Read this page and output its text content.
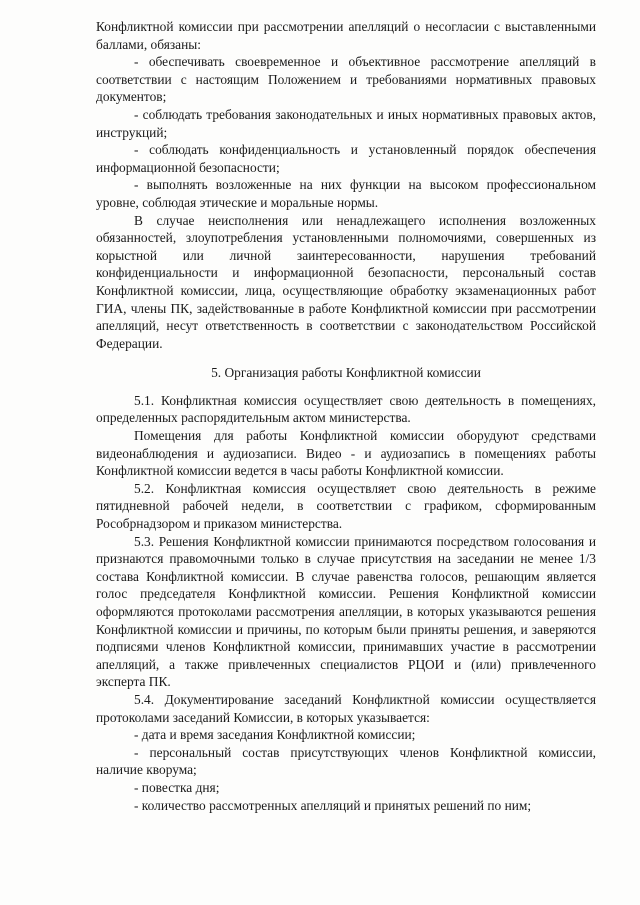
Конфликтной комиссии при рассмотрении апелляций о несогласии с выставленными баллами, обязаны:

- обеспечивать своевременное и объективное рассмотрение апелляций в соответствии с настоящим Положением и требованиями нормативных правовых документов;

- соблюдать требования законодательных и иных нормативных правовых актов, инструкций;

- соблюдать конфиденциальность и установленный порядок обеспечения информационной безопасности;

- выполнять возложенные на них функции на высоком профессиональном уровне, соблюдая этические и моральные нормы.

В случае неисполнения или ненадлежащего исполнения возложенных обязанностей, злоупотребления установленными полномочиями, совершенных из корыстной или личной заинтересованности, нарушения требований конфиденциальности и информационной безопасности, персональный состав Конфликтной комиссии, лица, осуществляющие обработку экзаменационных работ ГИА, члены ПК, задействованные в работе Конфликтной комиссии при рассмотрении апелляций, несут ответственность в соответствии с законодательством Российской Федерации.

5. Организация работы Конфликтной комиссии

5.1. Конфликтная комиссия осуществляет свою деятельность в помещениях, определенных распорядительным актом министерства.

Помещения для работы Конфликтной комиссии оборудуют средствами видеонаблюдения и аудиозаписи. Видео - и аудиозапись в помещениях работы Конфликтной комиссии ведется в часы работы Конфликтной комиссии.

5.2. Конфликтная комиссия осуществляет свою деятельность в режиме пятидневной рабочей недели, в соответствии с графиком, сформированным Рособрнадзором и приказом министерства.

5.3. Решения Конфликтной комиссии принимаются посредством голосования и признаются правомочными только в случае присутствия на заседании не менее 1/3 состава Конфликтной комиссии. В случае равенства голосов, решающим является голос председателя Конфликтной комиссии. Решения Конфликтной комиссии оформляются протоколами рассмотрения апелляции, в которых указываются решения Конфликтной комиссии и причины, по которым были приняты решения, и заверяются подписями членов Конфликтной комиссии, принимавших участие в рассмотрении апелляций, а также привлеченных специалистов РЦОИ и (или) привлеченного эксперта ПК.

5.4. Документирование заседаний Конфликтной комиссии осуществляется протоколами заседаний Комиссии, в которых указывается:

- дата и время заседания Конфликтной комиссии;

- персональный состав присутствующих членов Конфликтной комиссии, наличие кворума;

- повестка дня;

- количество рассмотренных апелляций и принятых решений по ним;
